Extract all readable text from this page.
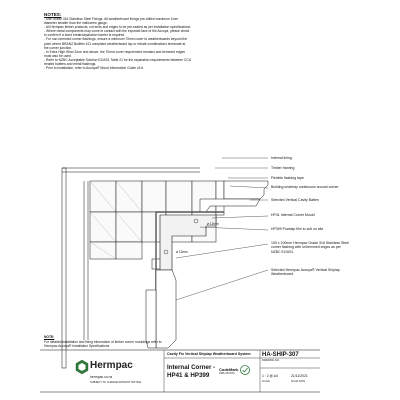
NOTES:
- Use Grade 316 Stainless Steel Fixings. All weatherboard fixings pre-drilled maximum 1mm
diameter smaller than the nail/screw gauge.
- All Hermpac timber products, cut ends and edges to be pre-sealed as per installation specifications.
- Where metal components may come in contact with the exposed face of the Accoya, please check
to confirm if a bond break/separation barrier is required.
- For non-hemmed corner flashings, ensure a minimum 70mm cover to weatherboards beyond the
point where BRANZ Bulletin 411 compliant weatherboard lap or rebate combinations terminate at
the corner junction.
- In Extra High Wind Zone and above, the 70mm cover requirement remains and hemmed edges
must also be used.
- Refer to NZBC Acceptable Solution E2/AS1 Table 21 for the separation requirements between CCA
treated battens and metal flashings.
- Prior to installation, refer to Accoya® Wood Information Guide v3.6.
Internal lining
Timber framing
Flexible flashing tape
Building underlay continuous around corner
Selected Vertical Cavity Batten
HP41 Internal Corner Mould
HP399 Powdap film to suit on site
100 x 100mm Hermpac Grade 316 Stainless Steel corner flashing with unhemmed edges as per NZBC E2/AS1
Selected Hermpac Accoya® Vertical Shiplap Weatherboard
ø 12mm
ø 12mm
NOTE:
For detailed installation and fixing information of timber corner mouldings refer to
Hermpac Accoya® Installation Specifications
Cavity Fix Vertical Shiplap Weatherboard System
Hermpac
hermpac.co.nz
SUBJECT TO CHANGE WITHOUT NOTICE
Internal Corner -
HP41 & HP399
CodeMark
CMA-XXXXXX
HA-SHIP-307
DRAWING NO.
1 : 2 @ A4
SCALE
21/11/2021
ISSUE DATE
